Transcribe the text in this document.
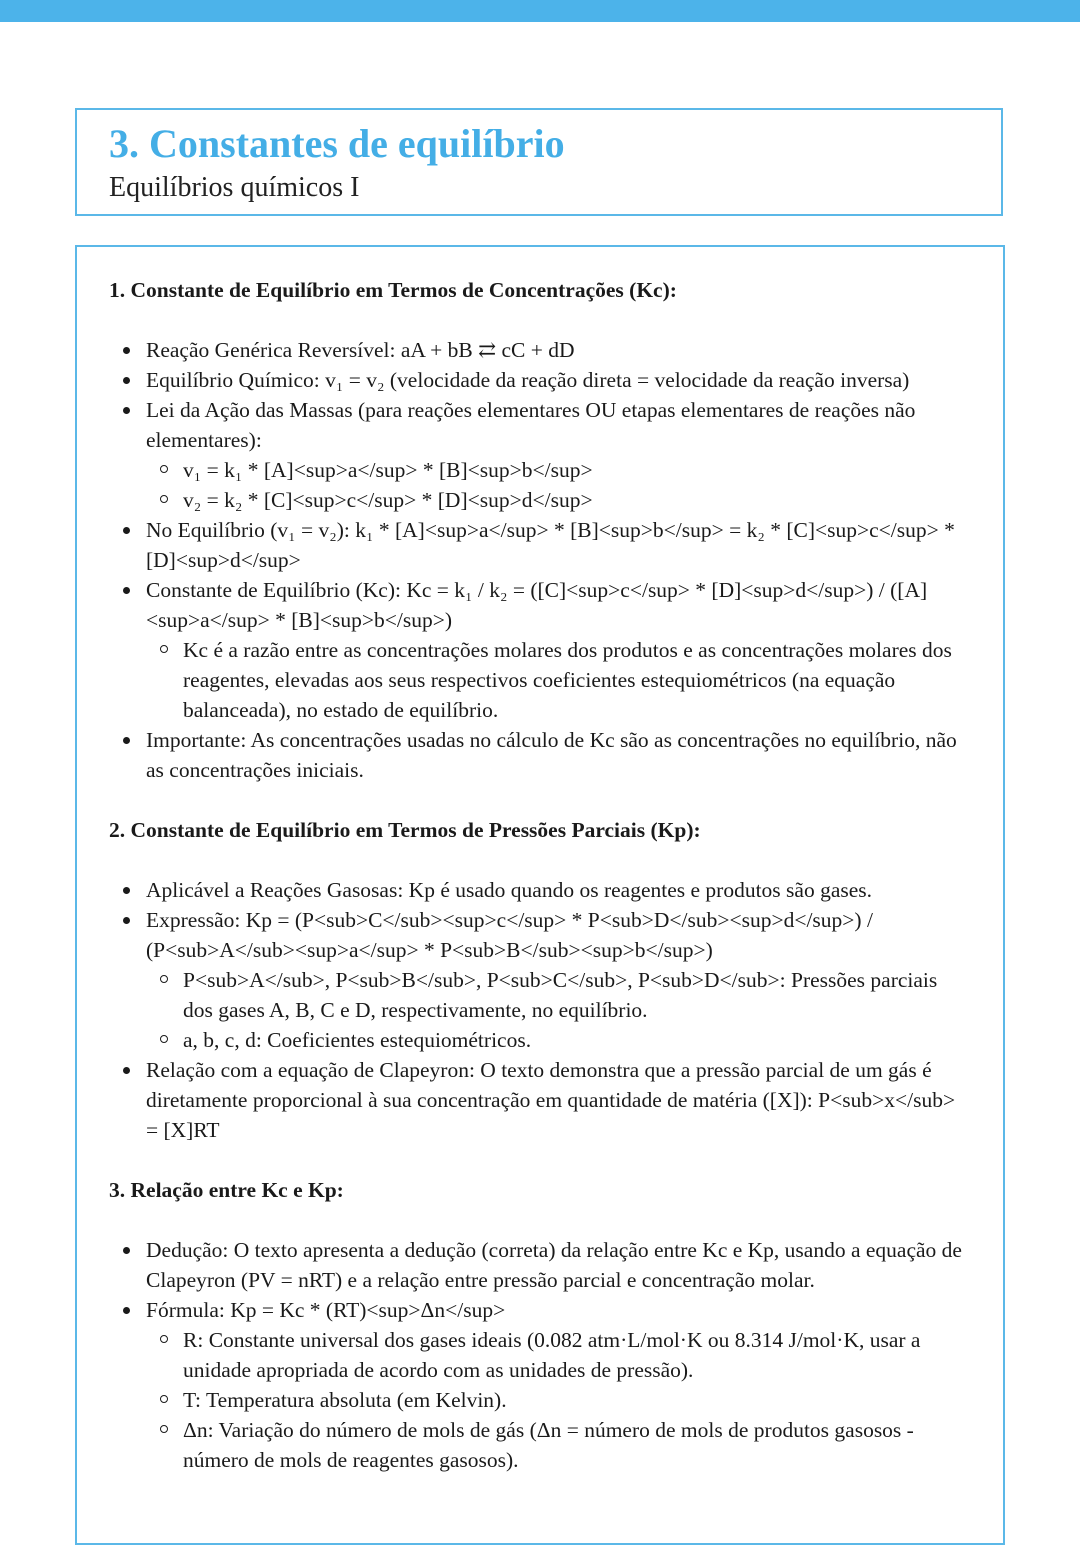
3. Constantes de equilíbrio
Equilíbrios químicos I
1. Constante de Equilíbrio em Termos de Concentrações (Kc):
Reação Genérica Reversível: aA + bB ⇄ cC + dD
Equilíbrio Químico: v₁ = v₂ (velocidade da reação direta = velocidade da reação inversa)
Lei da Ação das Massas (para reações elementares OU etapas elementares de reações não elementares):
v₁ = k₁ * [A]<sup>a</sup> * [B]<sup>b</sup>
v₂ = k₂ * [C]<sup>c</sup> * [D]<sup>d</sup>
No Equilíbrio (v₁ = v₂): k₁ * [A]<sup>a</sup> * [B]<sup>b</sup> = k₂ * [C]<sup>c</sup> * [D]<sup>d</sup>
Constante de Equilíbrio (Kc): Kc = k₁ / k₂ = ([C]<sup>c</sup> * [D]<sup>d</sup>) / ([A]<sup>a</sup> * [B]<sup>b</sup>)
Kc é a razão entre as concentrações molares dos produtos e as concentrações molares dos reagentes, elevadas aos seus respectivos coeficientes estequiométricos (na equação balanceada), no estado de equilíbrio.
Importante: As concentrações usadas no cálculo de Kc são as concentrações no equilíbrio, não as concentrações iniciais.
2. Constante de Equilíbrio em Termos de Pressões Parciais (Kp):
Aplicável a Reações Gasosas: Kp é usado quando os reagentes e produtos são gases.
Expressão: Kp = (P<sub>C</sub><sup>c</sup> * P<sub>D</sub><sup>d</sup>) / (P<sub>A</sub><sup>a</sup> * P<sub>B</sub><sup>b</sup>)
P<sub>A</sub>, P<sub>B</sub>, P<sub>C</sub>, P<sub>D</sub>: Pressões parciais dos gases A, B, C e D, respectivamente, no equilíbrio.
a, b, c, d: Coeficientes estequiométricos.
Relação com a equação de Clapeyron: O texto demonstra que a pressão parcial de um gás é diretamente proporcional à sua concentração em quantidade de matéria ([X]): P<sub>x</sub> = [X]RT
3. Relação entre Kc e Kp:
Dedução: O texto apresenta a dedução (correta) da relação entre Kc e Kp, usando a equação de Clapeyron (PV = nRT) e a relação entre pressão parcial e concentração molar.
Fórmula: Kp = Kc * (RT)<sup>Δn</sup>
R: Constante universal dos gases ideais (0.082 atm·L/mol·K ou 8.314 J/mol·K, usar a unidade apropriada de acordo com as unidades de pressão).
T: Temperatura absoluta (em Kelvin).
Δn: Variação do número de mols de gás (Δn = número de mols de produtos gasosos - número de mols de reagentes gasosos).
